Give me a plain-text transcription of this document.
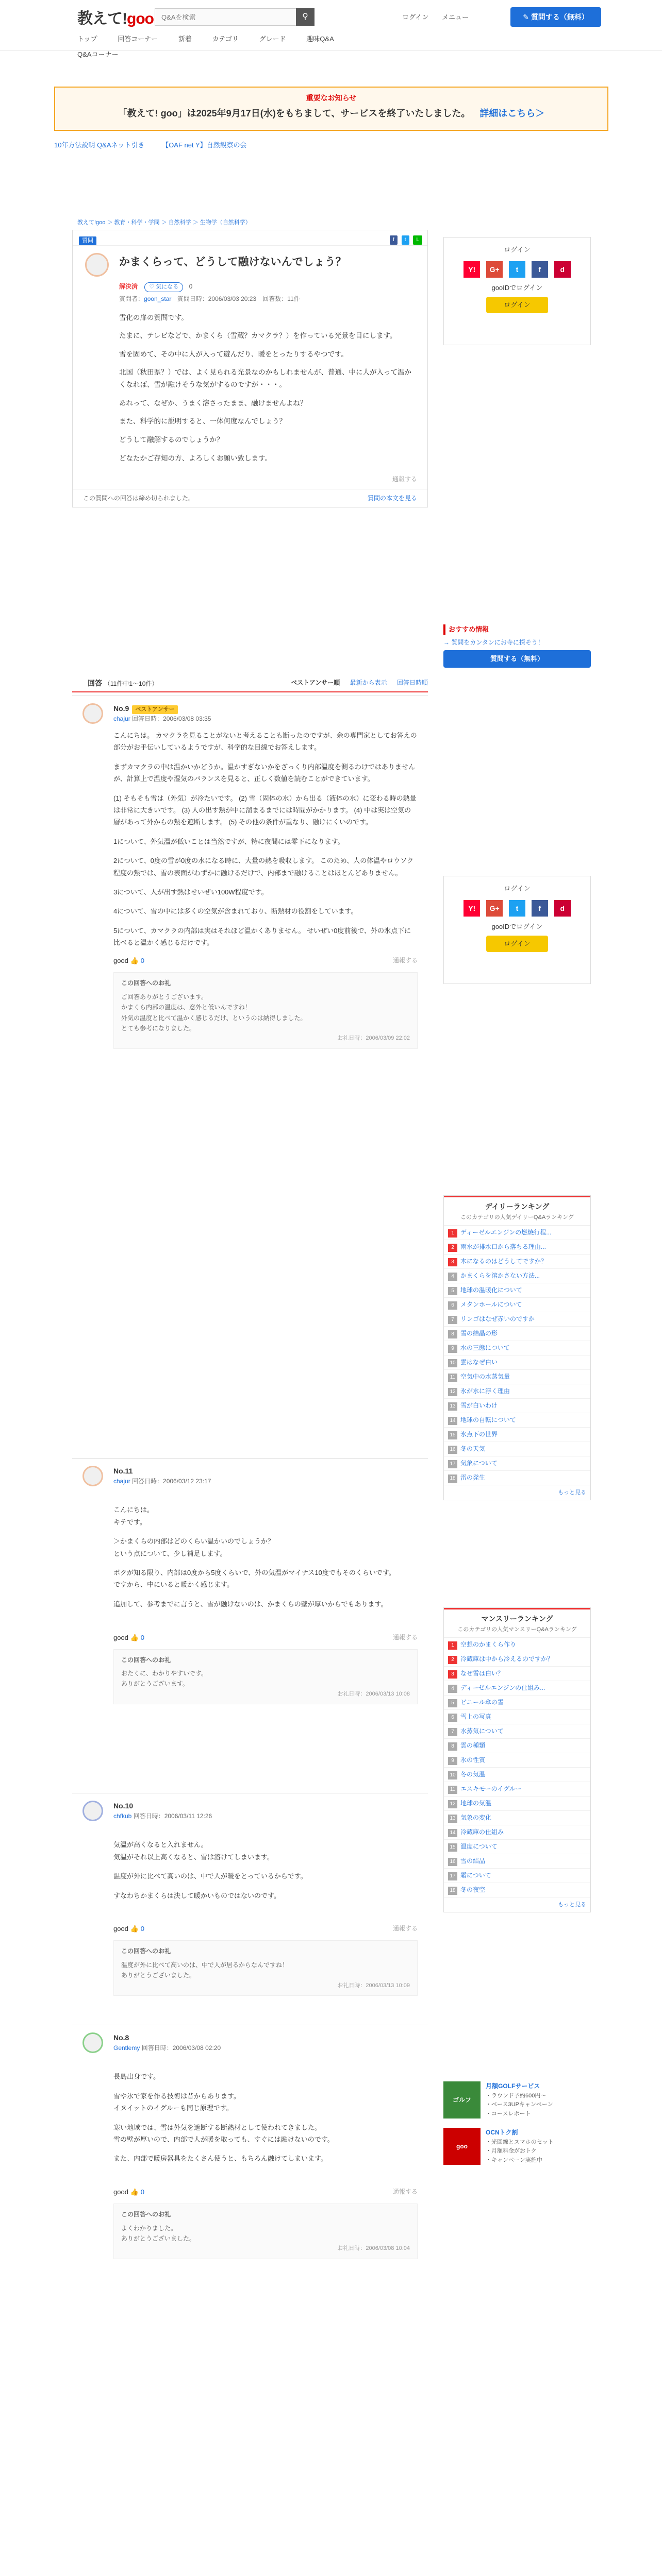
教えて!goo
Q&Aを検索	⚲	ログイン メニュー	✎ 質問する（無料）
トップ	回答コーナー	新着	カテゴリ	グレード	趣味Q&A
Q&Aコーナー
重要なお知らせ
「教えて! goo」は2025年9月17日(水)をもちまして、サービスを終了いたしました。 詳細はこちら＞
10年方法説明 Q&Aネット引き	【OAF net Y】自然観察の会
教えて!goo ＞ 教育・科学・学問 ＞ 自然科学 ＞ 生物学（自然科学）
質問	f t L
かまくらって、どうして融けないんでしょう？
解決済 ♡ 気になる 0
質問者：goon_star 質問日時：2006/03/03 20:23　回答数：11件

雪化の扉の質問です。

たまに、テレビなどで、かまくら（雪蔵？カマクラ？）を作っている光景を目にします。

雪を固めて、その中に人が入って遊んだり、暖をとったりするやつです。

北国（秋田県？）では、よく見られる光景なのかもしれませんが、普通、中に人が入って温かくなれば、雪が融けそうな気がするのですが・・・。

あれって、なぜか、うまく溶さったまま、融けませんよね？

また、科学的に説明すると、一体何度なんでしょう？

どうして融解するのでしょうか？

どなたかご存知の方、よろしくお願い致します。

通報する
この質問への回答は締め切られました。	質問の本文を見る
ログイン
Y! G+ t	f	d
gooIDでログイン
ログイン
おすすめ情報
→ 質問をカンタンにお寺に探そう！
質問する（無料）
ログイン
Y! G+ t	f	d
gooIDでログイン
ログイン
回答 （11件中1～10件）	ベストアンサー順 最新から表示 回答日時順
No.9 ベストアンサー
chajur 回答日時：2006/03/08 03:35

こんにちは。 カマクラを見ることがないと考えることも断ったのですが、余の専門家としてお答えの部分がお手伝いしているようですが、科学的な目線でお答えします。

まずカマクラの中は温かいかどうか。温かすぎないかをざっくり内部温度を測るわけではありませんが、計算上で温度や湿気のバランスを見ると、正しく数値を読むことができています。

(1) そもそも雪は（外気）が冷たいです。 (2) 雪（固体の水）から出る（液体の水）に変わる時の熱量は非常に大きいです。 (3) 人の出す熱が中に溜まるまでには時間がかかります。 (4) 中は実は空気の層があって外からの熱を遮断します。 (5) その他の条件が重なり、融けにくいのです。

1について、外気温が低いことは当然ですが、特に夜間には零下になります。

2について、0度の雪が0度の水になる時に、大量の熱を吸収します。 このため、人の体温やロウソク程度の熱では、雪の表面がわずかに融けるだけで、内部まで融けることはほとんどありません。

3について、人が出す熱はせいぜい100W程度です。

4について、雪の中には多くの空気が含まれており、断熱材の役割をしています。

5について、カマクラの内部は実はそれほど温かくありません。 せいぜい0度前後で、外の氷点下に比べると温かく感じるだけです。

good 👍 0	通報する
この回答へのお礼
ご回答ありがとうございます。
かまくら内部の温度は、意外と低いんですね！
外気の温度と比べて温かく感じるだけ、というのは納得しました。
とても参考になりました。
お礼日時：2006/03/09 22:02
No.11
chajur 回答日時：2006/03/12 23:17

こんにちは。
キテです。

＞かまくらの内部はどのくらい温かいのでしょうか？
という点について、少し補足します。

ボクが知る限り、内部は0度から5度くらいで、外の気温がマイナス10度でもそのくらいです。
ですから、中にいると暖かく感じます。

追加して、参考までに言うと、雪が融けないのは、かまくらの壁が厚いからでもあります。

good 👍 0	通報する
この回答へのお礼
おたくに、わかりやすいです。
ありがとうございます。
お礼日時：2006/03/13 10:08
No.10
chfkub 回答日時：2006/03/11 12:26

気温が高くなると入れません。
気温がそれ以上高くなると、雪は溶けてしまいます。

温度が外に比べて高いのは、中で人が暖をとっているからです。

すなわちかまくらは決して暖かいものではないのです。

good 👍 0	通報する
この回答へのお礼
温度が外に比べて高いのは、中で人が居るからなんですね！
ありがとうございました。
お礼日時：2006/03/13 10:09
No.8
Gentlemy 回答日時：2006/03/08 02:20

長島出身です。

雪や氷で家を作る技術は昔からあります。
イヌイットのイグルーも同じ原理です。

寒い地域では、雪は外気を遮断する断熱材として使われてきました。
雪の壁が厚いので、内部で人が暖を取っても、すぐには融けないのです。

また、内部で暖房器具をたくさん使うと、もちろん融けてしまいます。

good 👍 0	通報する
この回答へのお礼
よくわかりました。
ありがとうございました。
お礼日時：2006/03/08 10:04

デイリーランキング
このカテゴリの人気デイリーQ&Aランキング
1 ディーゼルエンジンの燃焼行程...
2 雨水が排水口から落ちる理由...
3 木になるのはどうしてですか？
4 かまくらを溶かさない方法...
5 地球の温暖化について
6 メタンホールについて
7 リンゴはなぜ赤いのですか
8 雪の結晶の形
9 水の三態について
10 雲はなぜ白い
11 空気中の水蒸気量
12 氷が水に浮く理由
13 雪が白いわけ
14 地球の自転について
15 氷点下の世界
16 冬の天気
17 気象について
18 雷の発生
もっと見る
マンスリーランキング
このカテゴリの人気マンスリーQ&Aランキング
1 空想のかまくら作り
2 冷蔵庫は中から冷えるのですか？
3 なぜ雪は白い？
4 ディーゼルエンジンの仕組み...
5 ビニール傘の雪
6 雪上の写真
7 水蒸気について
8 雲の種類
9 氷の性質
10 冬の気温
11 エスキモーのイグルー
12 地球の気温
13 気象の変化
14 冷蔵庫の仕組み
15 温度について
16 雪の結晶
17 霜について
18 冬の夜空
もっと見る
ゴルフ
月額GOLFサービス
・ラウンド予約600円〜
・ベース3UPキャンペーン
・コースレポート
goo
OCNトク割
・光回線とスマホのセット
・月額料金がおトク
・キャンペーン実施中
